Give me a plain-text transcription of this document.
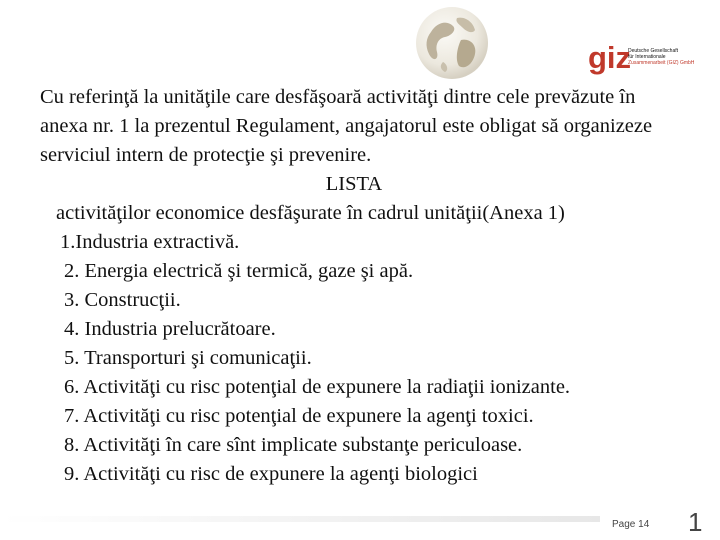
giz
Deutsche Gesellschaft
für Internationale
Zusammenarbeit (GIZ) GmbH

Cu referinţă la unităţile care desfăşoară activităţi dintre cele prevăzute în anexa nr. 1 la prezentul Regulament, angajatorul este obligat să organizeze serviciul intern de protecţie şi prevenire.

LISTA
activităţilor economice desfăşurate în cadrul unităţii(Anexa 1)
1.Industria extractivă.
2. Energia electrică şi termică, gaze şi apă.
3. Construcţii.
4. Industria prelucrătoare.
5. Transporturi şi comunicaţii.
6. Activităţi cu risc potenţial de expunere la radiaţii ionizante.
7. Activităţi cu risc potenţial de expunere la agenţi toxici.
8. Activităţi în care sînt implicate substanţe periculoase.
9. Activităţi cu risc de expunere la agenţi biologici
Page 14 1
